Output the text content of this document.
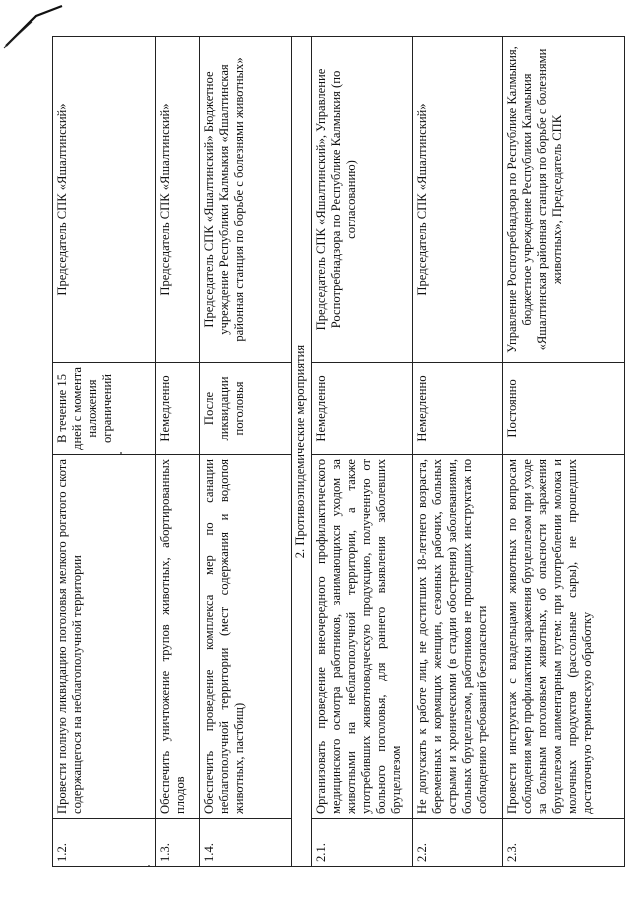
1.2.	Провести полную ликвидацию поголовья мелкого рогатого скота содержащегося на неблагополучной территории	В течение 15 дней с момента наложения ограничений	Председатель СПК «Яшалтинский»
1.3.	Обеспечить уничтожение трупов животных, абортированных плодов	Немедленно	Председатель СПК «Яшалтинский»
1.4.	Обеспечить проведение комплекса мер по санации неблагополучной территории (мест содержания и водопоя животных, пастбищ)	После ликвидации поголовья	Председатель СПК «Яшалтинский» Бюджетное учреждение Республики Калмыкия «Яшалтинская районная станция по борьбе с болезнями животных»
2. Противоэпидемические мероприятия			
2.1.	Организовать проведение внеочередного профилактического медицинского осмотра работников, занимающихся уходом за животными на неблагополучной территории, а также употребивших животноводческую продукцию, полученную от больного поголовья, для раннего выявления заболевших бруцеллезом	Немедленно	Председатель СПК «Яшалтинский», Управление Роспотребнадзора по Республике Калмыкия (по согласованию)
2.2.	Не допускать к работе лиц, не достигших 18-летнего возраста, беременных и кормящих женщин, сезонных рабочих, больных острыми и хроническими (в стадии обострения) заболеваниями, больных бруцеллезом, работников не прошедших инструктаж по соблюдению требований безопасности	Немедленно	Председатель СПК «Яшалтинский»
2.3.	Провести инструктаж с владельцами животных по вопросам соблюдения мер профилактики заражения бруцеллезом при уходе за больным поголовьем животных, об опасности заражения бруцеллезом алиментарным путем: при употреблении молока и молочных продуктов (рассольные сыры), не прошедших достаточную термическую обработку	Постоянно	Управление Роспотребнадзора по Республике Калмыкия, бюджетное учреждение Республики Калмыкия «Яшалтинская районная станция по борьбе с болезнями животных», Председатель СПК
